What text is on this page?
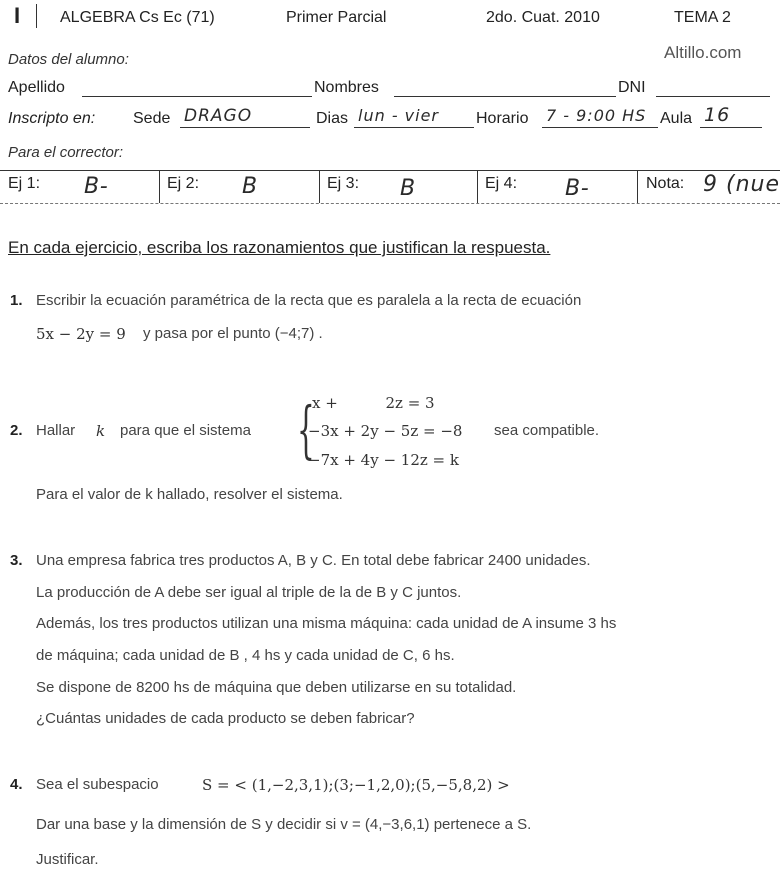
I ALGEBRA Cs Ec (71)	Primer Parcial	2do. Cuat. 2010	TEMA 2
Datos del alumno:	Altillo.com
Apellido	Nombres	DNI
Inscripto en: Sede DRAGO	Dias lun - vier Horario 7 - 9:00 HS Aula 16
Para el corrector:
Ej 1: B-	Ej 2: B	Ej 3: B	Ej 4: B-	Nota: 9 (nue
En cada ejercicio, escriba los razonamientos que justifican la respuesta.
1. Escribir la ecuación paramétrica de la recta que es paralela a la recta de ecuación
5x − 2y = 9 y pasa por el punto (−4;7) .
{
x +          2z = 3
2. Hallar k para que el sistema	−3x + 2y − 5z = −8 sea compatible.
−7x + 4y − 12z = k
Para el valor de k hallado, resolver el sistema.
3. Una empresa fabrica tres productos A, B y C. En total debe fabricar 2400 unidades.
La producción de A debe ser igual al triple de la de B y C juntos.
Además, los tres productos utilizan una misma máquina: cada unidad de A insume 3 hs
de máquina; cada unidad de B , 4 hs y cada unidad de C, 6 hs.
Se dispone de 8200 hs de máquina que deben utilizarse en su totalidad.
¿Cuántas unidades de cada producto se deben fabricar?
4. Sea el subespacio	S = < (1,−2,3,1);(3;−1,2,0);(5,−5,8,2) >
Dar una base y la dimensión de S y decidir si v = (4,−3,6,1) pertenece a S.
Justificar.
